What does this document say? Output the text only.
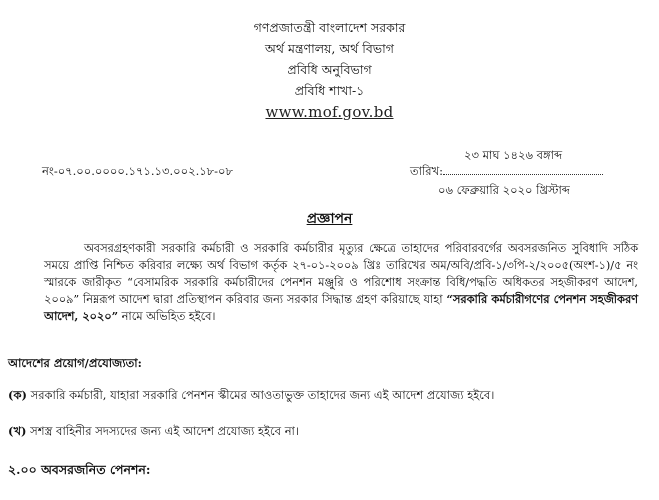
গণপ্রজাতন্ত্রী বাংলাদেশ সরকার
অর্থ মন্ত্রণালয়, অর্থ বিভাগ
প্রবিধি অনুবিভাগ
প্রবিধি শাখা-১
www.mof.gov.bd
২৩ মাঘ ১৪২৬ বঙ্গাব্দ
নং-০৭.০০.০০০০.১৭১.১৩.০০২.১৮-০৮	তারিখ:
০৬ ফেব্রুয়ারি ২০২০ খ্রিস্টাব্দ
প্রজ্ঞাপন
অবসরগ্রহণকারী সরকারি কর্মচারী ও সরকারি কর্মচারীর মৃত্যুর ক্ষেত্রে তাহাদের পরিবারবর্গের অবসরজনিত সুবিধাদি সঠিক সময়ে প্রাপ্তি নিশ্চিত করিবার লক্ষ্যে অর্থ বিভাগ কর্তৃক ২৭-০১-২০০৯ খ্রিঃ তারিখের অম/অবি/প্রবি-১/৩পি-২/২০০৫(অংশ-১)/৫ নং স্মারকে জারীকৃত “বেসামরিক সরকারি কর্মচারীদের পেনশন মঞ্জুরি ও পরিশোধ সংক্রান্ত বিধি/পদ্ধতি অধিকতর সহজীকরণ আদেশ, ২০০৯” নিম্নরূপ আদেশ দ্বারা প্রতিস্থাপন করিবার জন্য সরকার সিদ্ধান্ত গ্রহণ করিয়াছে যাহা “সরকারি কর্মচারীগণের পেনশন সহজীকরণ আদেশ, ২০২০” নামে অভিহিত হইবে।
আদেশের প্রয়োগ/প্রযোজ্যতা:
(ক) সরকারি কর্মচারী, যাহারা সরকারি পেনশন স্কীমের আওতাভুক্ত তাহাদের জন্য এই আদেশ প্রযোজ্য হইবে।
(খ) সশস্ত্র বাহিনীর সদস্যদের জন্য এই আদেশ প্রযোজ্য হইবে না।
২.০০ অবসরজনিত পেনশন:
